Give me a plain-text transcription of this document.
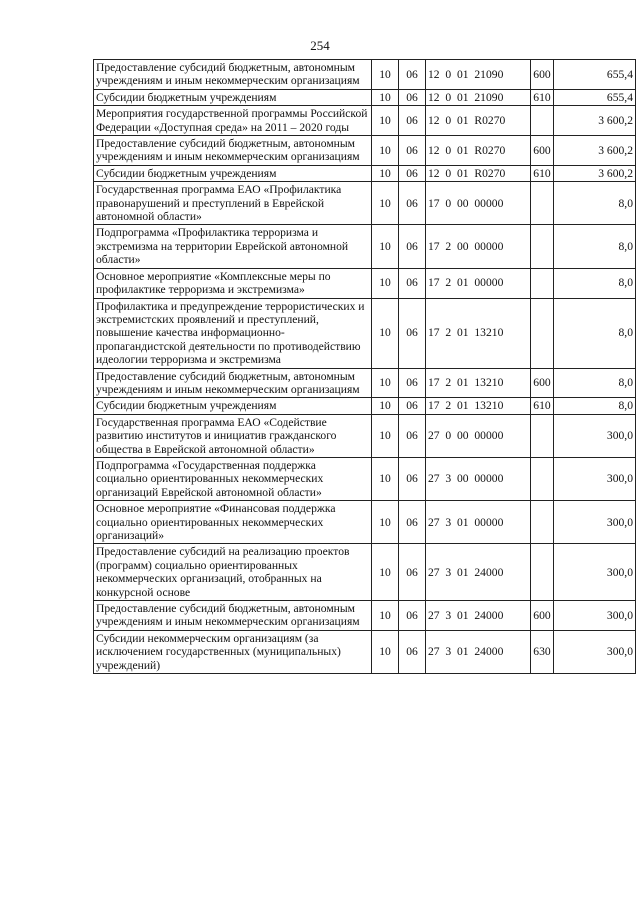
254
Предоставление субсидий бюджетным, автономным учреждениям и иным некоммерческим организациям	10	06	12  0  01  21090	600	655,4
Субсидии бюджетным учреждениям	10	06	12  0  01  21090	610	655,4
Мероприятия государственной программы Российской Федерации «Доступная среда» на 2011 – 2020 годы	10	06	12  0  01  R0270		3 600,2
Предоставление субсидий бюджетным, автономным учреждениям и иным некоммерческим организациям	10	06	12  0  01  R0270	600	3 600,2
Субсидии бюджетным учреждениям	10	06	12  0  01  R0270	610	3 600,2
Государственная программа ЕАО «Профилактика правонарушений и преступлений в Еврейской автономной области»	10	06	17  0  00  00000		8,0
Подпрограмма «Профилактика терроризма и экстремизма на территории Еврейской автономной области»	10	06	17  2  00  00000		8,0
Основное мероприятие «Комплексные меры по профилактике терроризма и экстремизма»	10	06	17  2  01  00000		8,0
Профилактика и предупреждение террористических и экстремистских проявлений и преступлений, повышение качества информационно-пропагандистской деятельности по противодействию идеологии терроризма и экстремизма	10	06	17  2  01  13210		8,0
Предоставление субсидий бюджетным, автономным учреждениям и иным некоммерческим организациям	10	06	17  2  01  13210	600	8,0
Субсидии бюджетным учреждениям	10	06	17  2  01  13210	610	8,0
Государственная программа ЕАО «Содействие развитию институтов и инициатив гражданского общества в Еврейской автономной области»	10	06	27  0  00  00000		300,0
Подпрограмма «Государственная поддержка социально ориентированных некоммерческих организаций Еврейской автономной области»	10	06	27  3  00  00000		300,0
Основное мероприятие «Финансовая поддержка социально ориентированных некоммерческих организаций»	10	06	27  3  01  00000		300,0
Предоставление субсидий на реализацию проектов (программ) социально ориентированных некоммерческих организаций, отобранных на конкурсной основе	10	06	27  3  01  24000		300,0
Предоставление субсидий бюджетным, автономным учреждениям и иным некоммерческим организациям	10	06	27  3  01  24000	600	300,0
Субсидии некоммерческим организациям (за исключением государственных (муниципальных) учреждений)	10	06	27  3  01  24000	630	300,0
